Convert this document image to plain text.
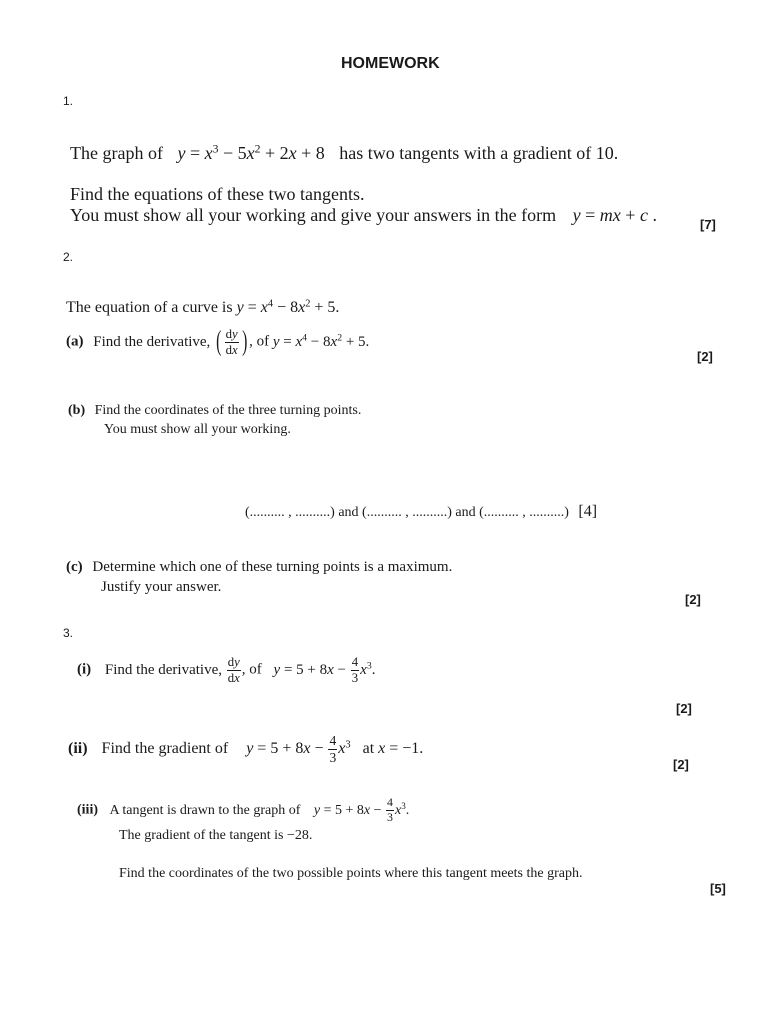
HOMEWORK
1.
The graph of $y = x^3 - 5x^2 + 2x + 8$ has two tangents with a gradient of 10.
Find the equations of these two tangents.
You must show all your working and give your answers in the form y = mx + c .	[7]
2.
The equation of a curve is $y = x^4 - 8x^2 + 5$.
(a) Find the derivative, ( $\frac{dy}{dx}$ ) , of $y = x^4 - 8x^2 + 5$.
[2]
(b) Find the coordinates of the three turning points.
You must show all your working.
(.......... , ..........) and (.......... , ..........) and (.......... , ..........) [4]
(c) Determine which one of these turning points is a maximum.
Justify your answer.
[2]
3.
(i) Find the derivative, $\frac{dy}{dx}$ , of $y = 5 + 8x - \frac{4}{3} x^3$.
[2]
(ii) Find the gradient of $y = 5 + 8x - \frac{4}{3} x^3$ at x = −1.
[2]
(iii) A tangent is drawn to the graph of $y = 5 + 8x - \frac{4}{3} x^3$.
The gradient of the tangent is −28.
Find the coordinates of the two possible points where this tangent meets the graph.
[5]
